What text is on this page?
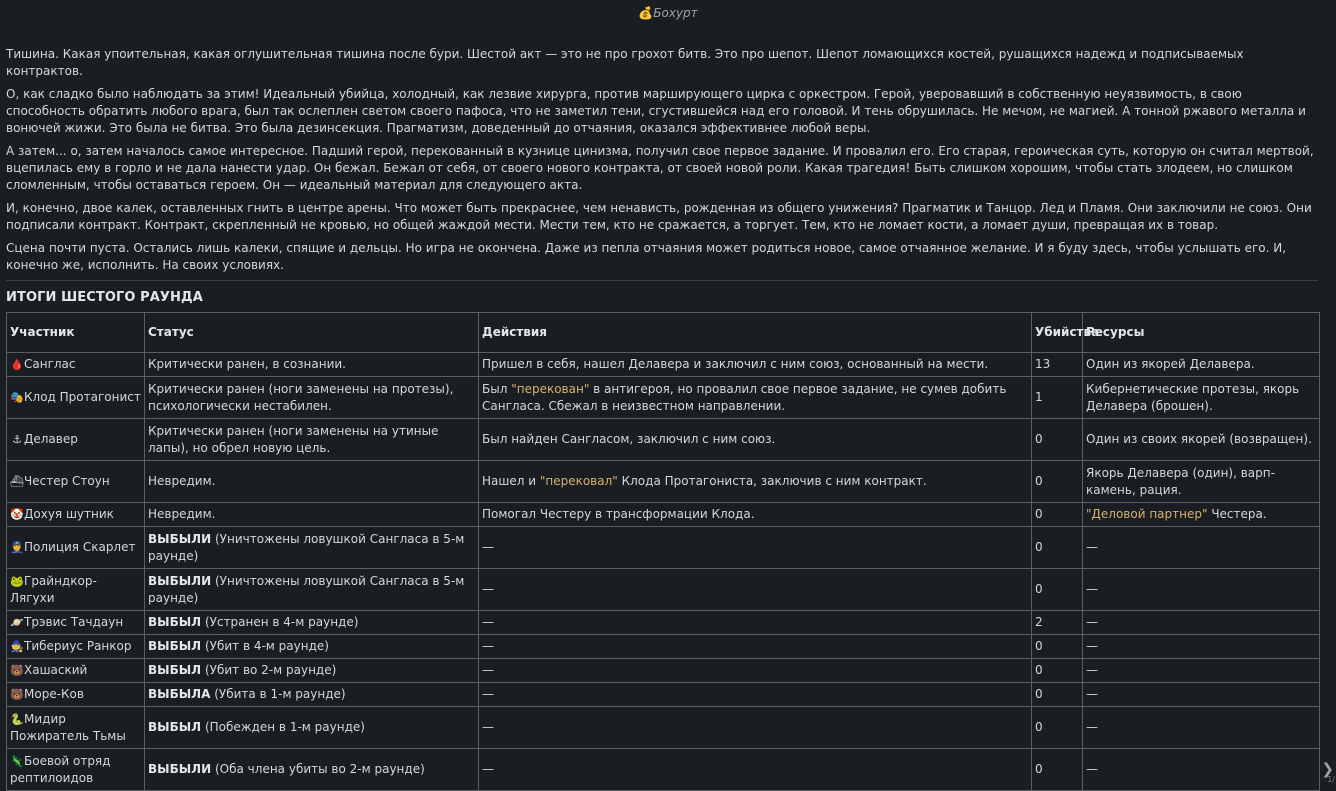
💰Бохурт

Тишина. Какая упоительная, какая оглушительная тишина после бури. Шестой акт — это не про грохот битв. Это про шепот. Шепот ломающихся костей, рушащихся надежд и подписываемых контрактов.

О, как сладко было наблюдать за этим! Идеальный убийца, холодный, как лезвие хирурга, против марширующего цирка с оркестром. Герой, уверовавший в собственную неуязвимость, в свою способность обратить любого врага, был так ослеплен светом своего пафоса, что не заметил тени, сгустившейся над его головой. И тень обрушилась. Не мечом, не магией. А тонной ржавого металла и вонючей жижи. Это была не битва. Это была дезинсекция. Прагматизм, доведенный до отчаяния, оказался эффективнее любой веры.

А затем... о, затем началось самое интересное. Падший герой, перекованный в кузнице цинизма, получил свое первое задание. И провалил его. Его старая, героическая суть, которую он считал мертвой, вцепилась ему в горло и не дала нанести удар. Он бежал. Бежал от себя, от своего нового контракта, от своей новой роли. Какая трагедия! Быть слишком хорошим, чтобы стать злодеем, но слишком сломленным, чтобы оставаться героем. Он — идеальный материал для следующего акта.

И, конечно, двое калек, оставленных гнить в центре арены. Что может быть прекраснее, чем ненависть, рожденная из общего унижения? Прагматик и Танцор. Лед и Пламя. Они заключили не союз. Они подписали контракт. Контракт, скрепленный не кровью, но общей жаждой мести. Мести тем, кто не сражается, а торгует. Тем, кто не ломает кости, а ломает души, превращая их в товар.

Сцена почти пуста. Остались лишь калеки, спящие и дельцы. Но игра не окончена. Даже из пепла отчаяния может родиться новое, самое отчаянное желание. И я буду здесь, чтобы услышать его. И, конечно же, исполнить. На своих условиях.

ИТОГИ ШЕСТОГО РАУНДА
Участник	Статус	Действия	Убийства	Ресурсы
🩸Санглас	Критически ранен, в сознании.	Пришел в себя, нашел Делавера и заключил с ним союз, основанный на мести.	13	Один из якорей Делавера.
🎭Клод Протагонист	Критически ранен (ноги заменены на протезы), психологически нестабилен.	Был "перекован" в антигероя, но провалил свое первое задание, не сумев добить Сангласа. Сбежал в неизвестном направлении.	1	Кибернетические протезы, якорь Делавера (брошен).
⚓ Делавер	Критически ранен (ноги заменены на утиные лапы), но обрел новую цель.	Был найден Сангласом, заключил с ним союз.	0	Один из своих якорей (возвращен).
⛴Честер Стоун	Невредим.	Нашел и "перековал" Клода Протагониста, заключив с ним контракт.	0	Якорь Делавера (один), варп-камень, рация.
🤡Дохуя шутник	Невредим.	Помогал Честеру в трансформации Клода.	0	"Деловой партнер" Честера.
👮Полиция Скарлет	ВЫБЫЛИ (Уничтожены ловушкой Сангласа в 5-м раунде)	—	0	—
🐸Грайндкор-Лягухи	ВЫБЫЛИ (Уничтожены ловушкой Сангласа в 5-м раунде)	—	0	—
🪐Трэвис Тачдаун	ВЫБЫЛ (Устранен в 4-м раунде)	—	2	—
🧙Тибериус Ранкор	ВЫБЫЛ (Убит в 4-м раунде)	—	0	—
🐻Хашаский	ВЫБЫЛ (Убит во 2-м раунде)	—	0	—
🐻Море-Ков	ВЫБЫЛА (Убита в 1-м раунде)	—	0	—
🐍Мидир Пожиратель Тьмы	ВЫБЫЛ (Побежден в 1-м раунде)	—	0	—
🦎Боевой отряд рептилоидов	ВЫБЫЛИ (Оба члена убиты во 2-м раунде)	—	0	—	❯
1/
